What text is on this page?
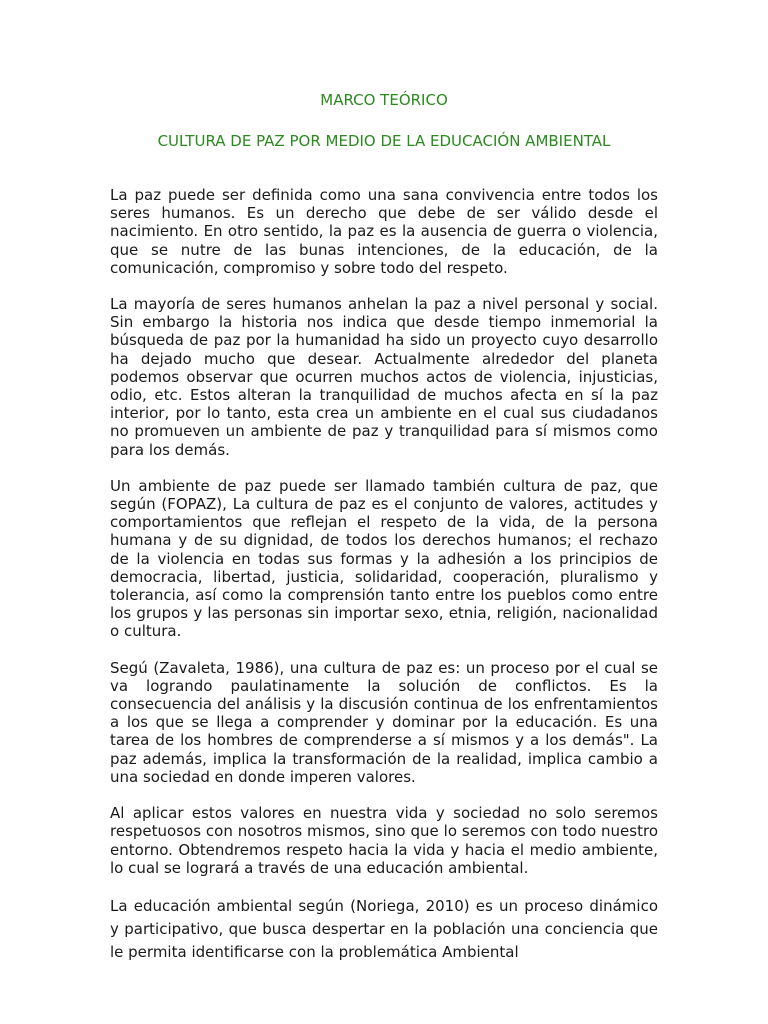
MARCO TEÓRICO
CULTURA DE PAZ POR MEDIO DE LA EDUCACIÓN AMBIENTAL

La paz puede ser definida como una sana convivencia entre todos los seres humanos. Es un derecho que debe de ser válido desde el nacimiento. En otro sentido, la paz es la ausencia de guerra o violencia, que se nutre de las bunas intenciones, de la educación, de la comunicación, compromiso y sobre todo del respeto.

La mayoría de seres humanos anhelan la paz a nivel personal y social. Sin embargo la historia nos indica que desde tiempo inmemorial la búsqueda de paz por la humanidad ha sido un proyecto cuyo desarrollo ha dejado mucho que desear. Actualmente alrededor del planeta podemos observar que ocurren muchos actos de violencia, injusticias, odio, etc. Estos alteran la tranquilidad de muchos afecta en sí la paz interior, por lo tanto, esta crea un ambiente en el cual sus ciudadanos no promueven un ambiente de paz y tranquilidad para sí mismos como para los demás.

Un ambiente de paz puede ser llamado también cultura de paz, que según (FOPAZ), La cultura de paz es el conjunto de valores, actitudes y comportamientos que reflejan el respeto de la vida, de la persona humana y de su dignidad, de todos los derechos humanos; el rechazo de la violencia en todas sus formas y la adhesión a los principios de democracia, libertad, justicia, solidaridad, cooperación, pluralismo y tolerancia, así como la comprensión tanto entre los pueblos como entre los grupos y las personas sin importar sexo, etnia, religión, nacionalidad o cultura.

Segú (Zavaleta, 1986), una cultura de paz es: un proceso por el cual se va logrando paulatinamente la solución de conflictos. Es la consecuencia del análisis y la discusión continua de los enfrentamientos a los que se llega a comprender y dominar por la educación. Es una tarea de los hombres de comprenderse a sí mismos y a los demás". La paz además, implica la transformación de la realidad, implica cambio a una sociedad en donde imperen valores.

Al aplicar estos valores en nuestra vida y sociedad no solo seremos respetuosos con nosotros mismos, sino que lo seremos con todo nuestro entorno. Obtendremos respeto hacia la vida y hacia el medio ambiente, lo cual se logrará a través de una educación ambiental.

La educación ambiental según (Noriega, 2010) es un proceso dinámico y participativo, que busca despertar en la población una conciencia que le permita identificarse con la problemática Ambiental
